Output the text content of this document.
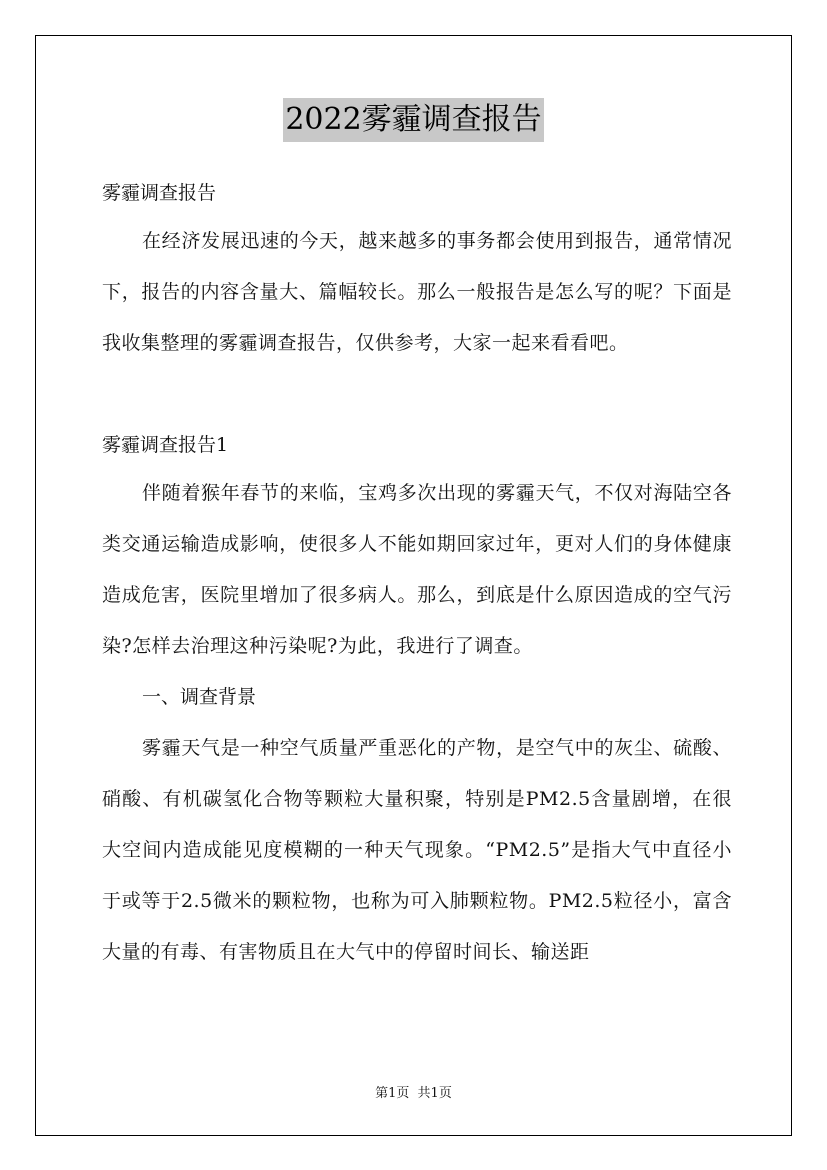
2022雾霾调查报告

雾霾调查报告

在经济发展迅速的今天，越来越多的事务都会使用到报告，通常情况下，报告的内容含量大、篇幅较长。那么一般报告是怎么写的呢？下面是我收集整理的雾霾调查报告，仅供参考，大家一起来看看吧。

雾霾调查报告1

伴随着猴年春节的来临，宝鸡多次出现的雾霾天气，不仅对海陆空各类交通运输造成影响，使很多人不能如期回家过年，更对人们的身体健康造成危害，医院里增加了很多病人。那么，到底是什么原因造成的空气污染?怎样去治理这种污染呢?为此，我进行了调查。

一、调查背景

雾霾天气是一种空气质量严重恶化的产物，是空气中的灰尘、硫酸、硝酸、有机碳氢化合物等颗粒大量积聚，特别是PM2.5含量剧增，在很大空间内造成能见度模糊的一种天气现象。“PM2.5”是指大气中直径小于或等于2.5微米的颗粒物，也称为可入肺颗粒物。PM2.5粒径小，富含大量的有毒、有害物质且在大气中的停留时间长、输送距

第1页 共1页
